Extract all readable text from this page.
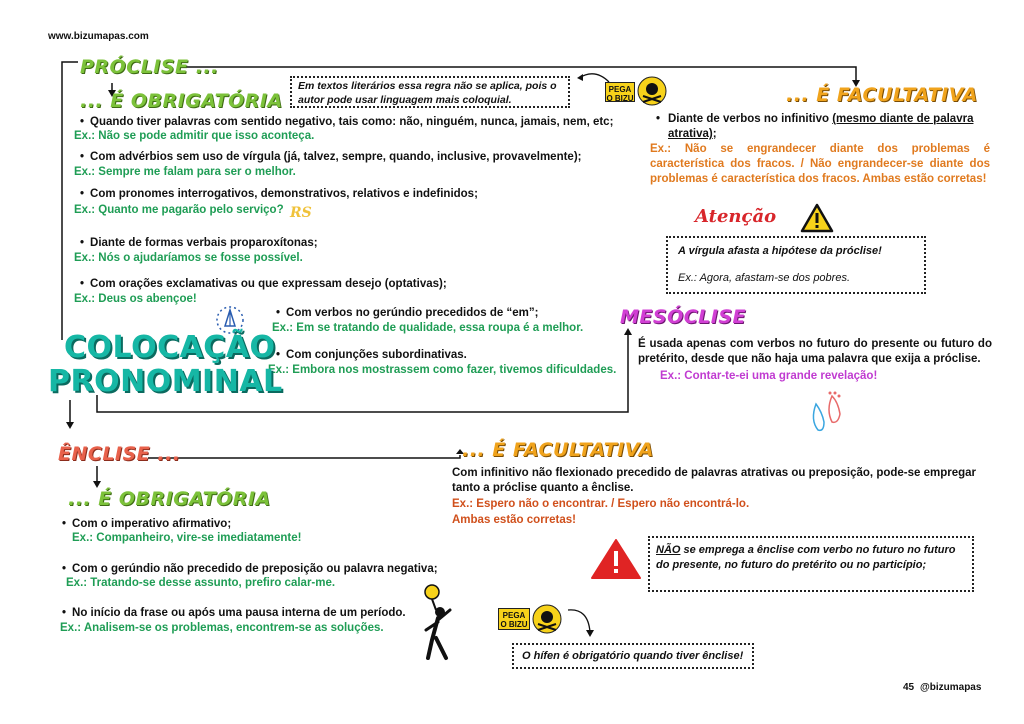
www.bizumapas.com
PRÓCLISE ...
... É OBRIGATÓRIA
• Quando tiver palavras com sentido negativo, tais como: não, ninguém, nunca, jamais, nem, etc;
Ex.: Não se pode admitir que isso aconteça.
• Com advérbios sem uso de vírgula (já, talvez, sempre, quando, inclusive, provavelmente);
Ex.: Sempre me falam para ser o melhor.
• Com pronomes interrogativos, demonstrativos, relativos e indefinidos;
Ex.: Quanto me pagarão pelo serviço? RS
• Diante de formas verbais proparoxítonas;
Ex.: Nós o ajudaríamos se fosse possível.
• Com orações exclamativas ou que expressam desejo (optativas);
Ex.: Deus os abençoe!
• Com verbos no gerúndio precedidos de “em”;
Ex.: Em se tratando de qualidade, essa roupa é a melhor.
• Com conjunções subordinativas.
Ex.: Embora nos mostrassem como fazer, tivemos dificuldades.
Em textos literários essa regra não se aplica, pois o autor pode usar linguagem mais coloquial.
PEGA O BIZU	... É FACULTATIVA
• Diante de verbos no infinitivo (mesmo diante de palavra atrativa);
Ex.: Não se engrandecer diante dos problemas é característica dos fracos. / Não engrandecer-se diante dos problemas é característica dos fracos. Ambas estão corretas!
Atenção
A vírgula afasta a hipótese da próclise!
Ex.: Agora, afastam-se dos pobres.
COLOCAÇÃO
PRONOMINAL
MESÓCLISE
É usada apenas com verbos no futuro do presente ou futuro do pretérito, desde que não haja uma palavra que exija a próclise.
Ex.: Contar-te-ei uma grande revelação!
ÊNCLISE ...
... É OBRIGATÓRIA
• Com o imperativo afirmativo;
Ex.: Companheiro, vire-se imediatamente!
• Com o gerúndio não precedido de preposição ou palavra negativa;
Ex.: Tratando-se desse assunto, prefiro calar-me.
• No início da frase ou após uma pausa interna de um período.
Ex.: Analisem-se os problemas, encontrem-se as soluções.
... É FACULTATIVA
Com infinitivo não flexionado precedido de palavras atrativas ou preposição, pode-se empregar tanto a próclise quanto a ênclise.
Ex.: Espero não o encontrar. / Espero não encontrá-lo.
Ambas estão corretas!
NÃO se emprega a ênclise com verbo no futuro no futuro do presente, no futuro do pretérito ou no particípio;
PEGA O BIZU
O hífen é obrigatório quando tiver ênclise!
45 @bizumapas
